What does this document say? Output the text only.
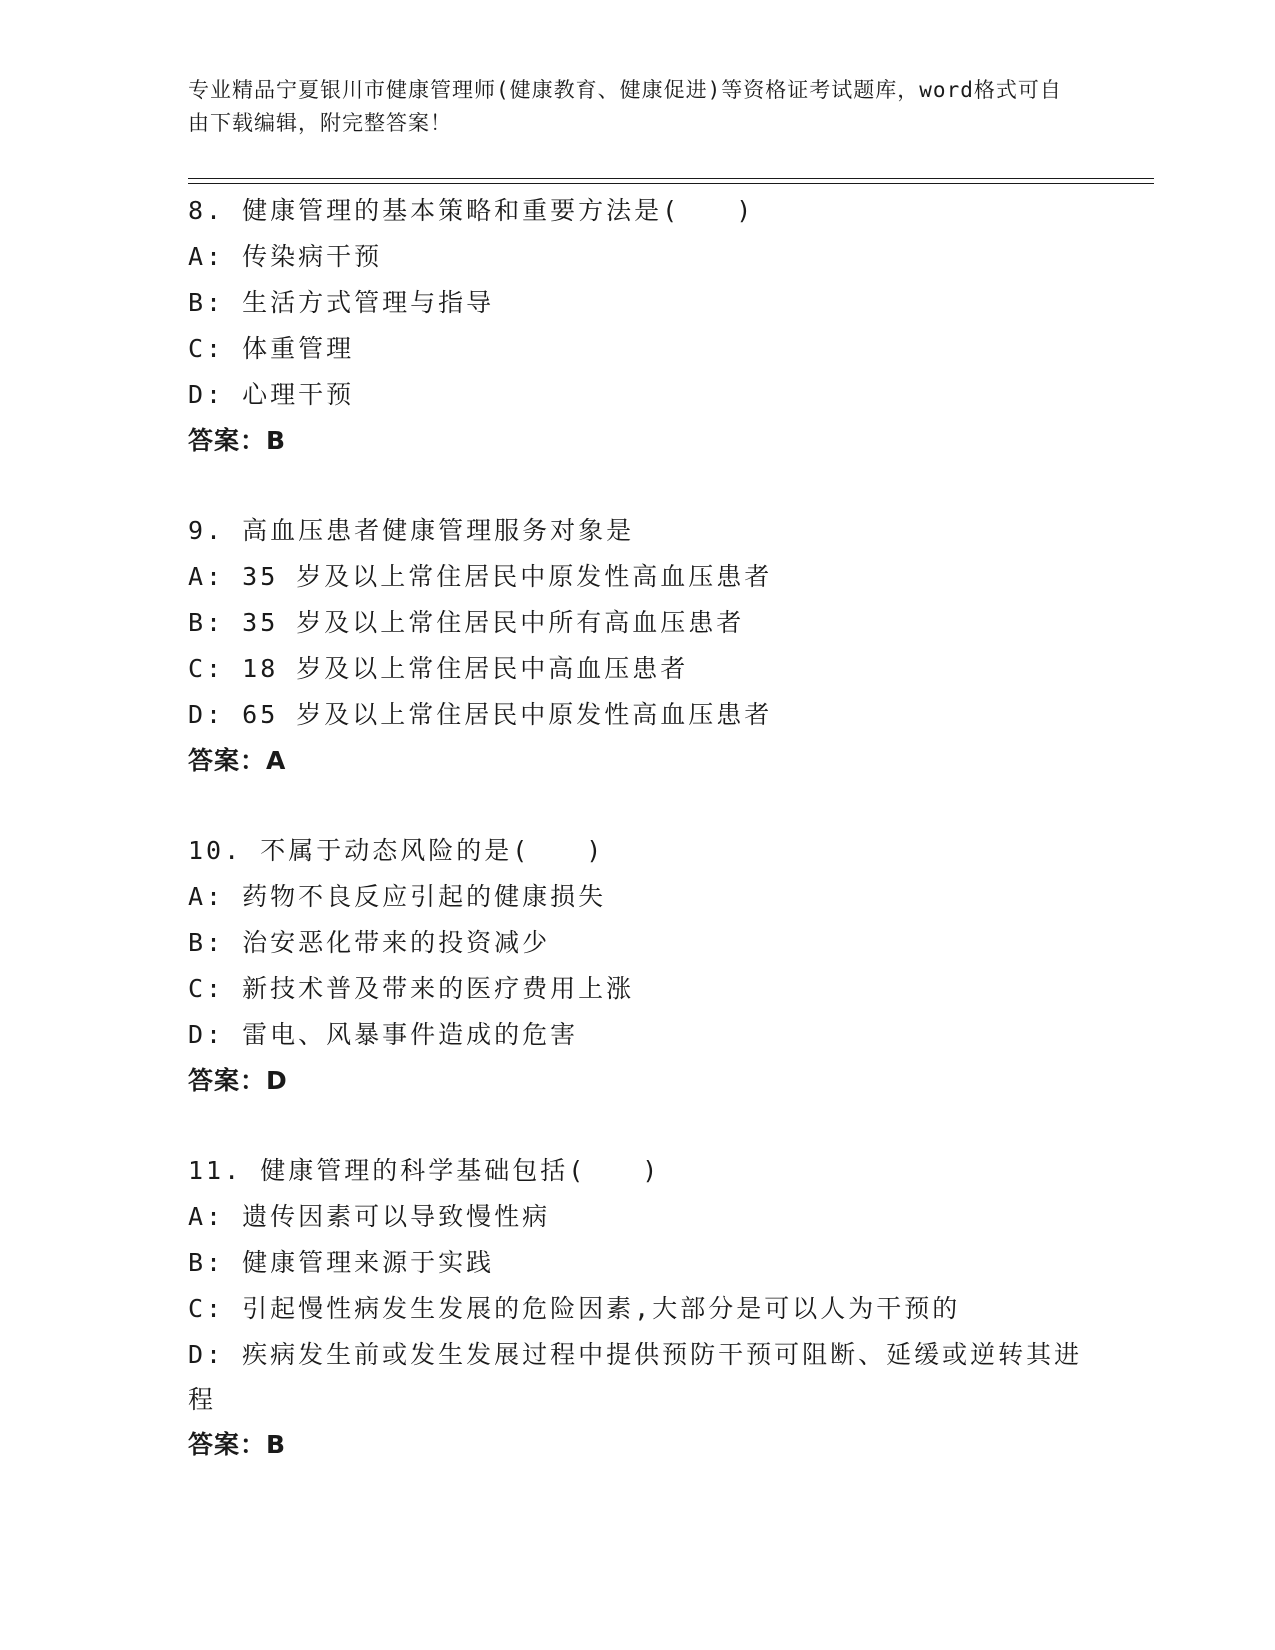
专业精品宁夏银川市健康管理师(健康教育、健康促进)等资格证考试题库，word格式可自由下载编辑，附完整答案！
8. 健康管理的基本策略和重要方法是(　　)
A: 传染病干预
B: 生活方式管理与指导
C: 体重管理
D: 心理干预
答案：B
9. 高血压患者健康管理服务对象是
A: 35 岁及以上常住居民中原发性高血压患者
B: 35 岁及以上常住居民中所有高血压患者
C: 18 岁及以上常住居民中高血压患者
D: 65 岁及以上常住居民中原发性高血压患者
答案：A
10. 不属于动态风险的是(　　)
A: 药物不良反应引起的健康损失
B: 治安恶化带来的投资减少
C: 新技术普及带来的医疗费用上涨
D: 雷电、风暴事件造成的危害
答案：D
11. 健康管理的科学基础包括(　　)
A: 遗传因素可以导致慢性病
B: 健康管理来源于实践
C: 引起慢性病发生发展的危险因素,大部分是可以人为干预的
D: 疾病发生前或发生发展过程中提供预防干预可阻断、延缓或逆转其进程
答案：B
